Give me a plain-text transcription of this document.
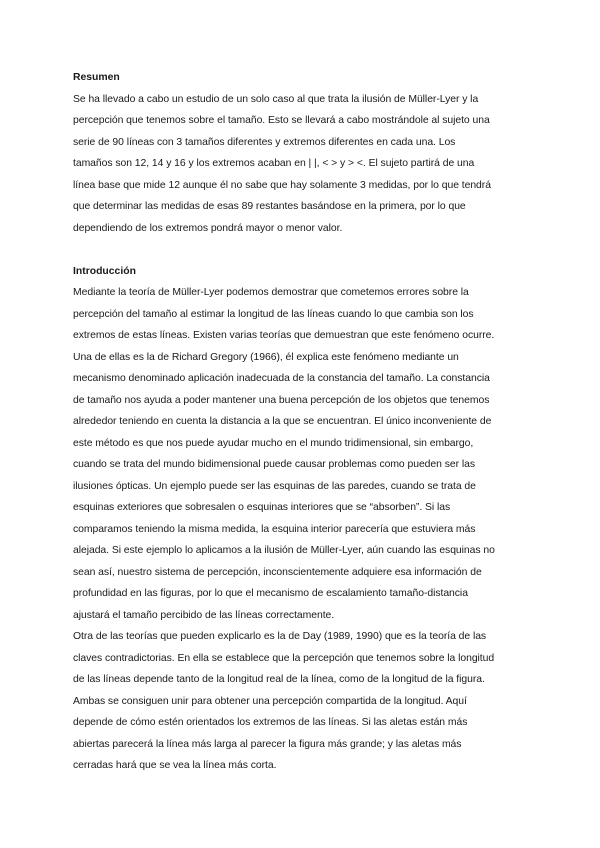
Resumen

Se ha llevado a cabo un estudio de un solo caso al que trata la ilusión de Müller-Lyer y la

percepción que tenemos sobre el tamaño. Esto se llevará a cabo mostrándole al sujeto una

serie de 90 líneas con 3 tamaños diferentes y extremos diferentes en cada una. Los

tamaños son 12, 14 y 16 y los extremos acaban en | |, < > y > <. El sujeto partirá de una

línea base que mide 12 aunque él no sabe que hay solamente 3 medidas, por lo que tendrá

que determinar las medidas de esas 89 restantes basándose en la primera, por lo que

dependiendo de los extremos pondrá mayor o menor valor.

Introducción

Mediante la teoría de Müller-Lyer podemos demostrar que cometemos errores sobre la

percepción del tamaño al estimar la longitud de las líneas cuando lo que cambia son los

extremos de estas líneas. Existen varias teorías que demuestran que este fenómeno ocurre.

Una de ellas es la de Richard Gregory (1966), él explica este fenómeno mediante un

mecanismo denominado aplicación inadecuada de la constancia del tamaño. La constancia

de tamaño nos ayuda a poder mantener una buena percepción de los objetos que tenemos

alrededor teniendo en cuenta la distancia a la que se encuentran. El único inconveniente de

este método es que nos puede ayudar mucho en el mundo tridimensional, sin embargo,

cuando se trata del mundo bidimensional puede causar problemas como pueden ser las

ilusiones ópticas. Un ejemplo puede ser las esquinas de las paredes, cuando se trata de

esquinas exteriores que sobresalen o esquinas interiores que se “absorben”. Si las

comparamos teniendo la misma medida, la esquina interior parecería que estuviera más

alejada. Si este ejemplo lo aplicamos a la ilusión de Müller-Lyer, aún cuando las esquinas no

sean así, nuestro sistema de percepción, inconscientemente adquiere esa información de

profundidad en las figuras, por lo que el mecanismo de escalamiento tamaño-distancia

ajustará el tamaño percibido de las líneas correctamente.

Otra de las teorías que pueden explicarlo es la de Day (1989, 1990) que es la teoría de las

claves contradictorias. En ella se establece que la percepción que tenemos sobre la longitud

de las líneas depende tanto de la longitud real de la línea, como de la longitud de la figura.

Ambas se consiguen unir para obtener una percepción compartida de la longitud. Aquí

depende de cómo estén orientados los extremos de las líneas. Si las aletas están más

abiertas parecerá la línea más larga al parecer la figura más grande; y las aletas más

cerradas hará que se vea la línea más corta.
